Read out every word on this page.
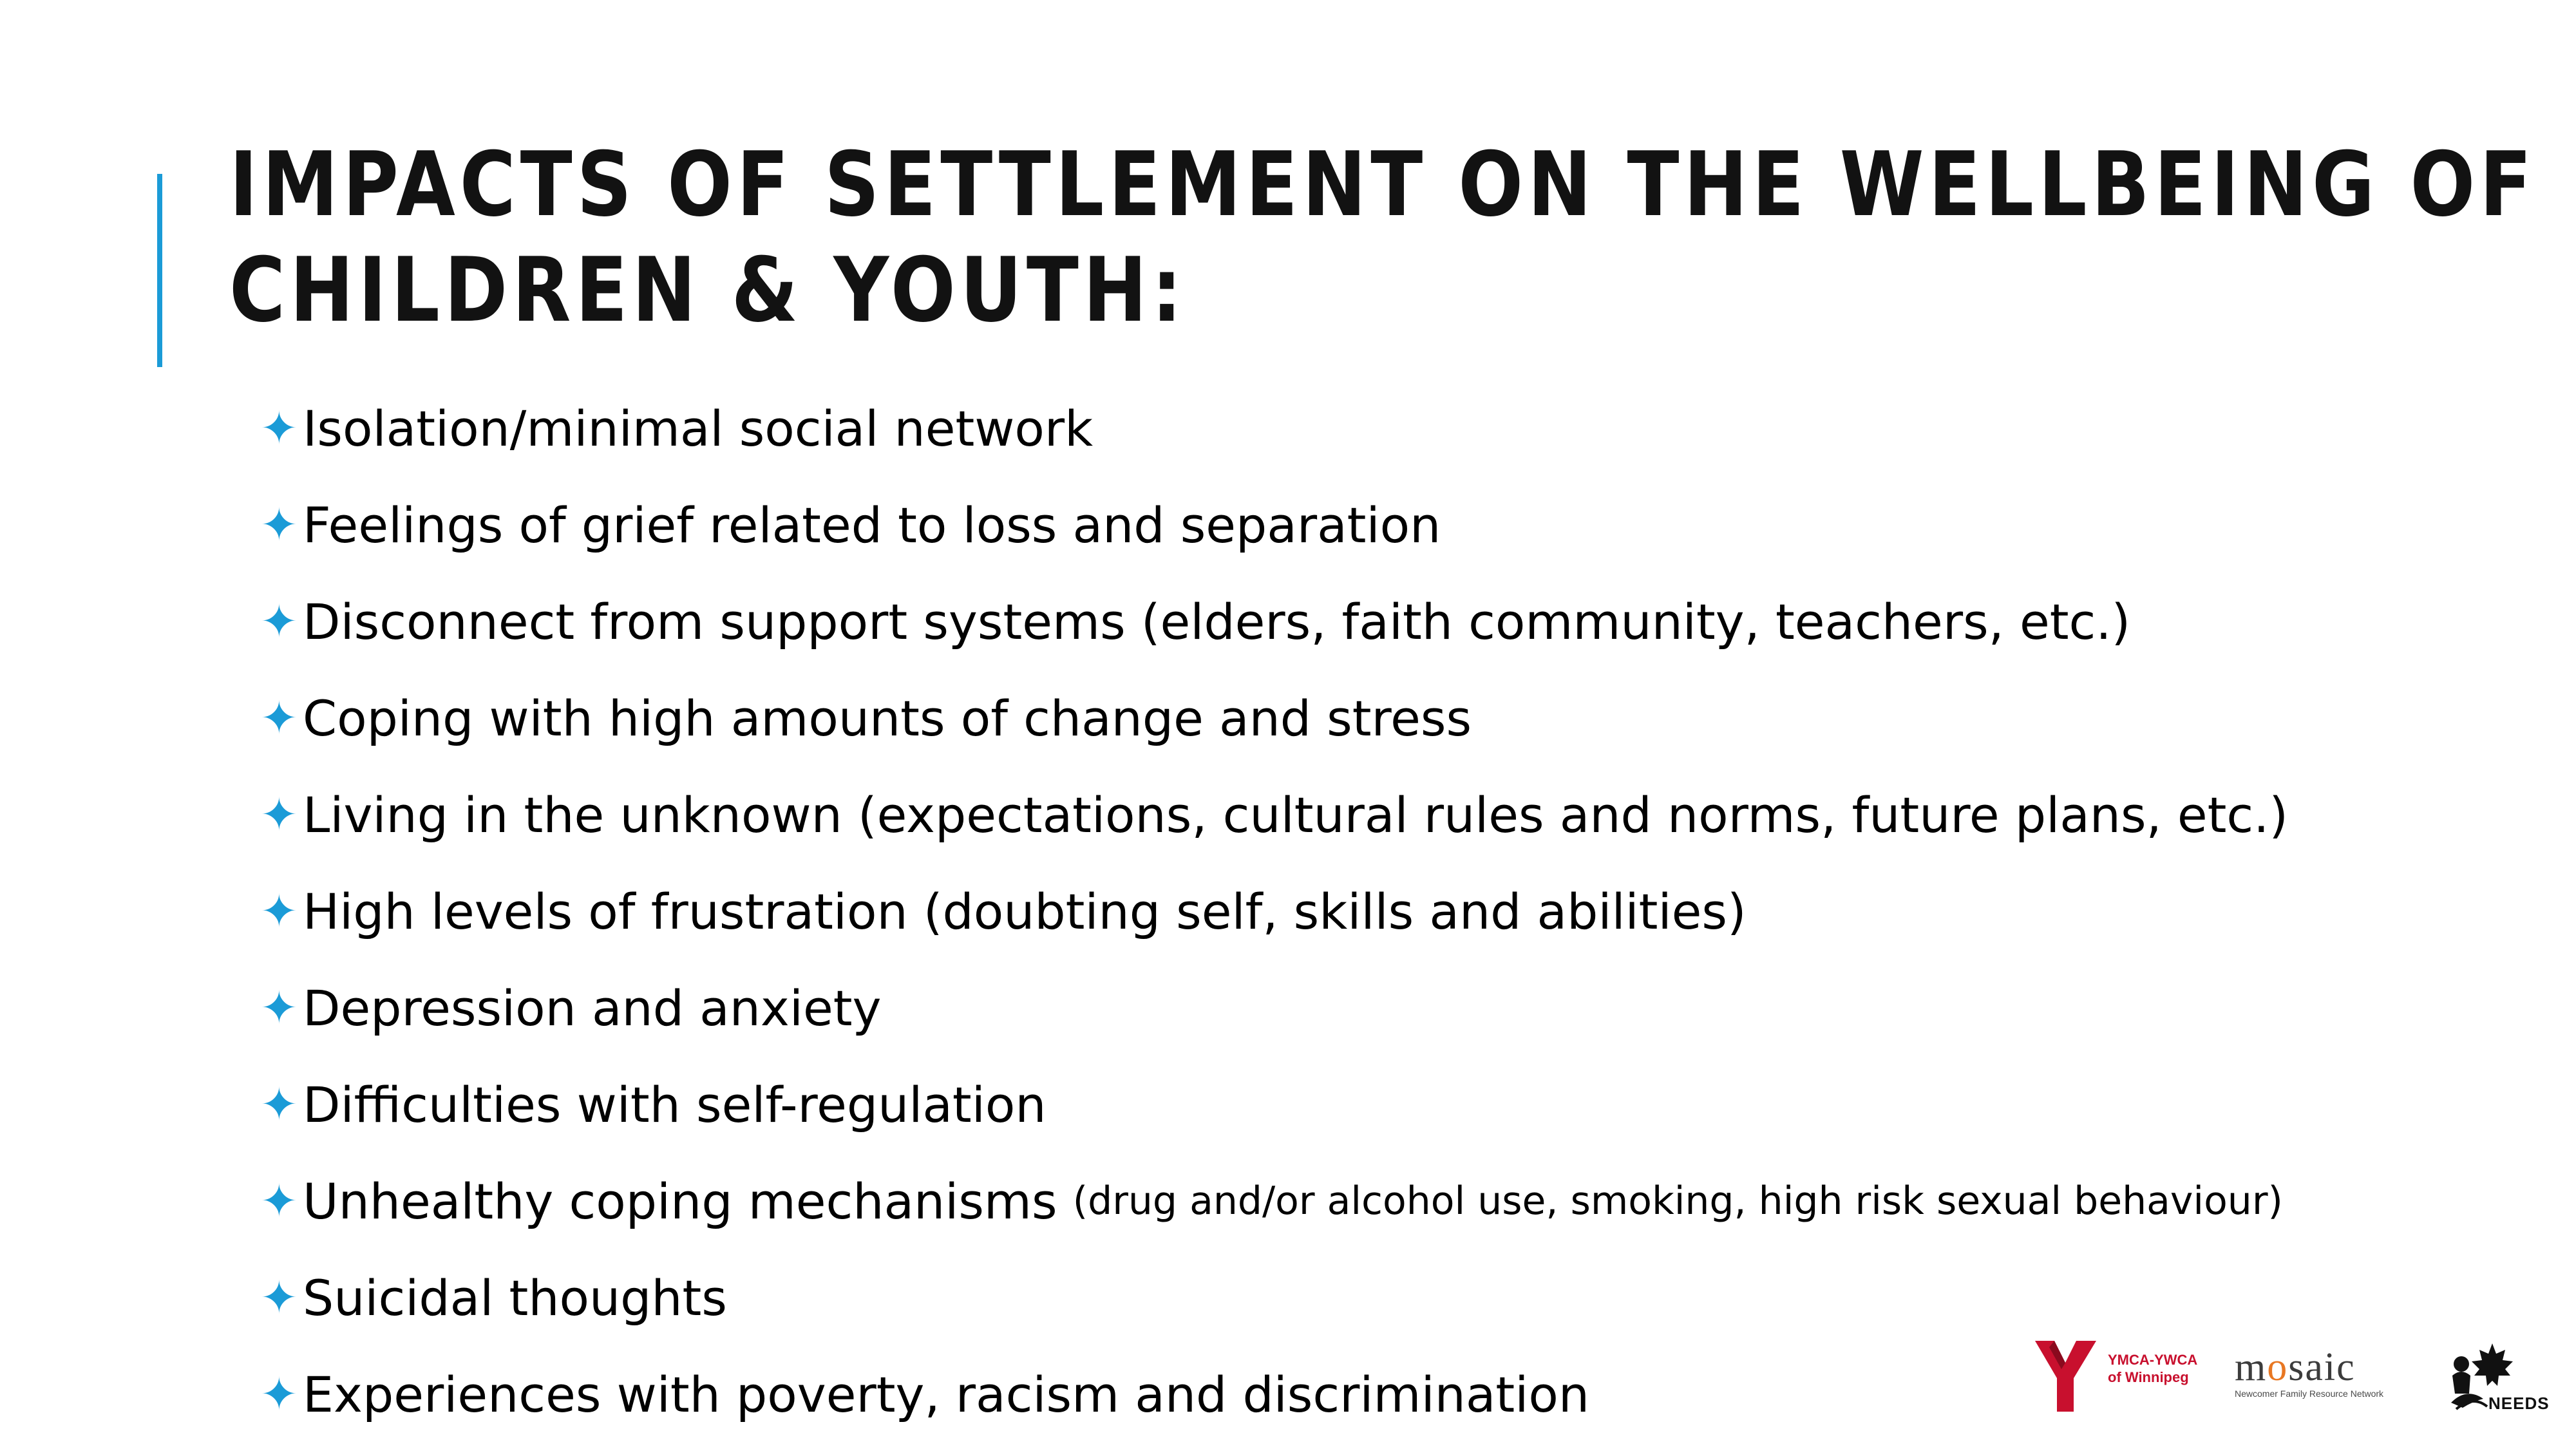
IMPACTS OF SETTLEMENT ON THE WELLBEING OF
CHILDREN & YOUTH:
✦ Isolation/minimal social network
✦ Feelings of grief related to loss and separation
✦ Disconnect from support systems (elders, faith community, teachers, etc.)
✦ Coping with high amounts of change and stress
✦ Living in the unknown (expectations, cultural rules and norms, future plans, etc.)
✦ High levels of frustration (doubting self, skills and abilities)
✦ Depression and anxiety
✦ Difficulties with self-regulation
✦ Unhealthy coping mechanisms
(drug and/or alcohol use, smoking, high risk sexual behaviour)
✦ Suicidal thoughts
✦ Experiences with poverty, racism and discrimination
YMCA-YWCA
of Winnipeg mosaic
Newcomer Family Resource Network	NEEDS
